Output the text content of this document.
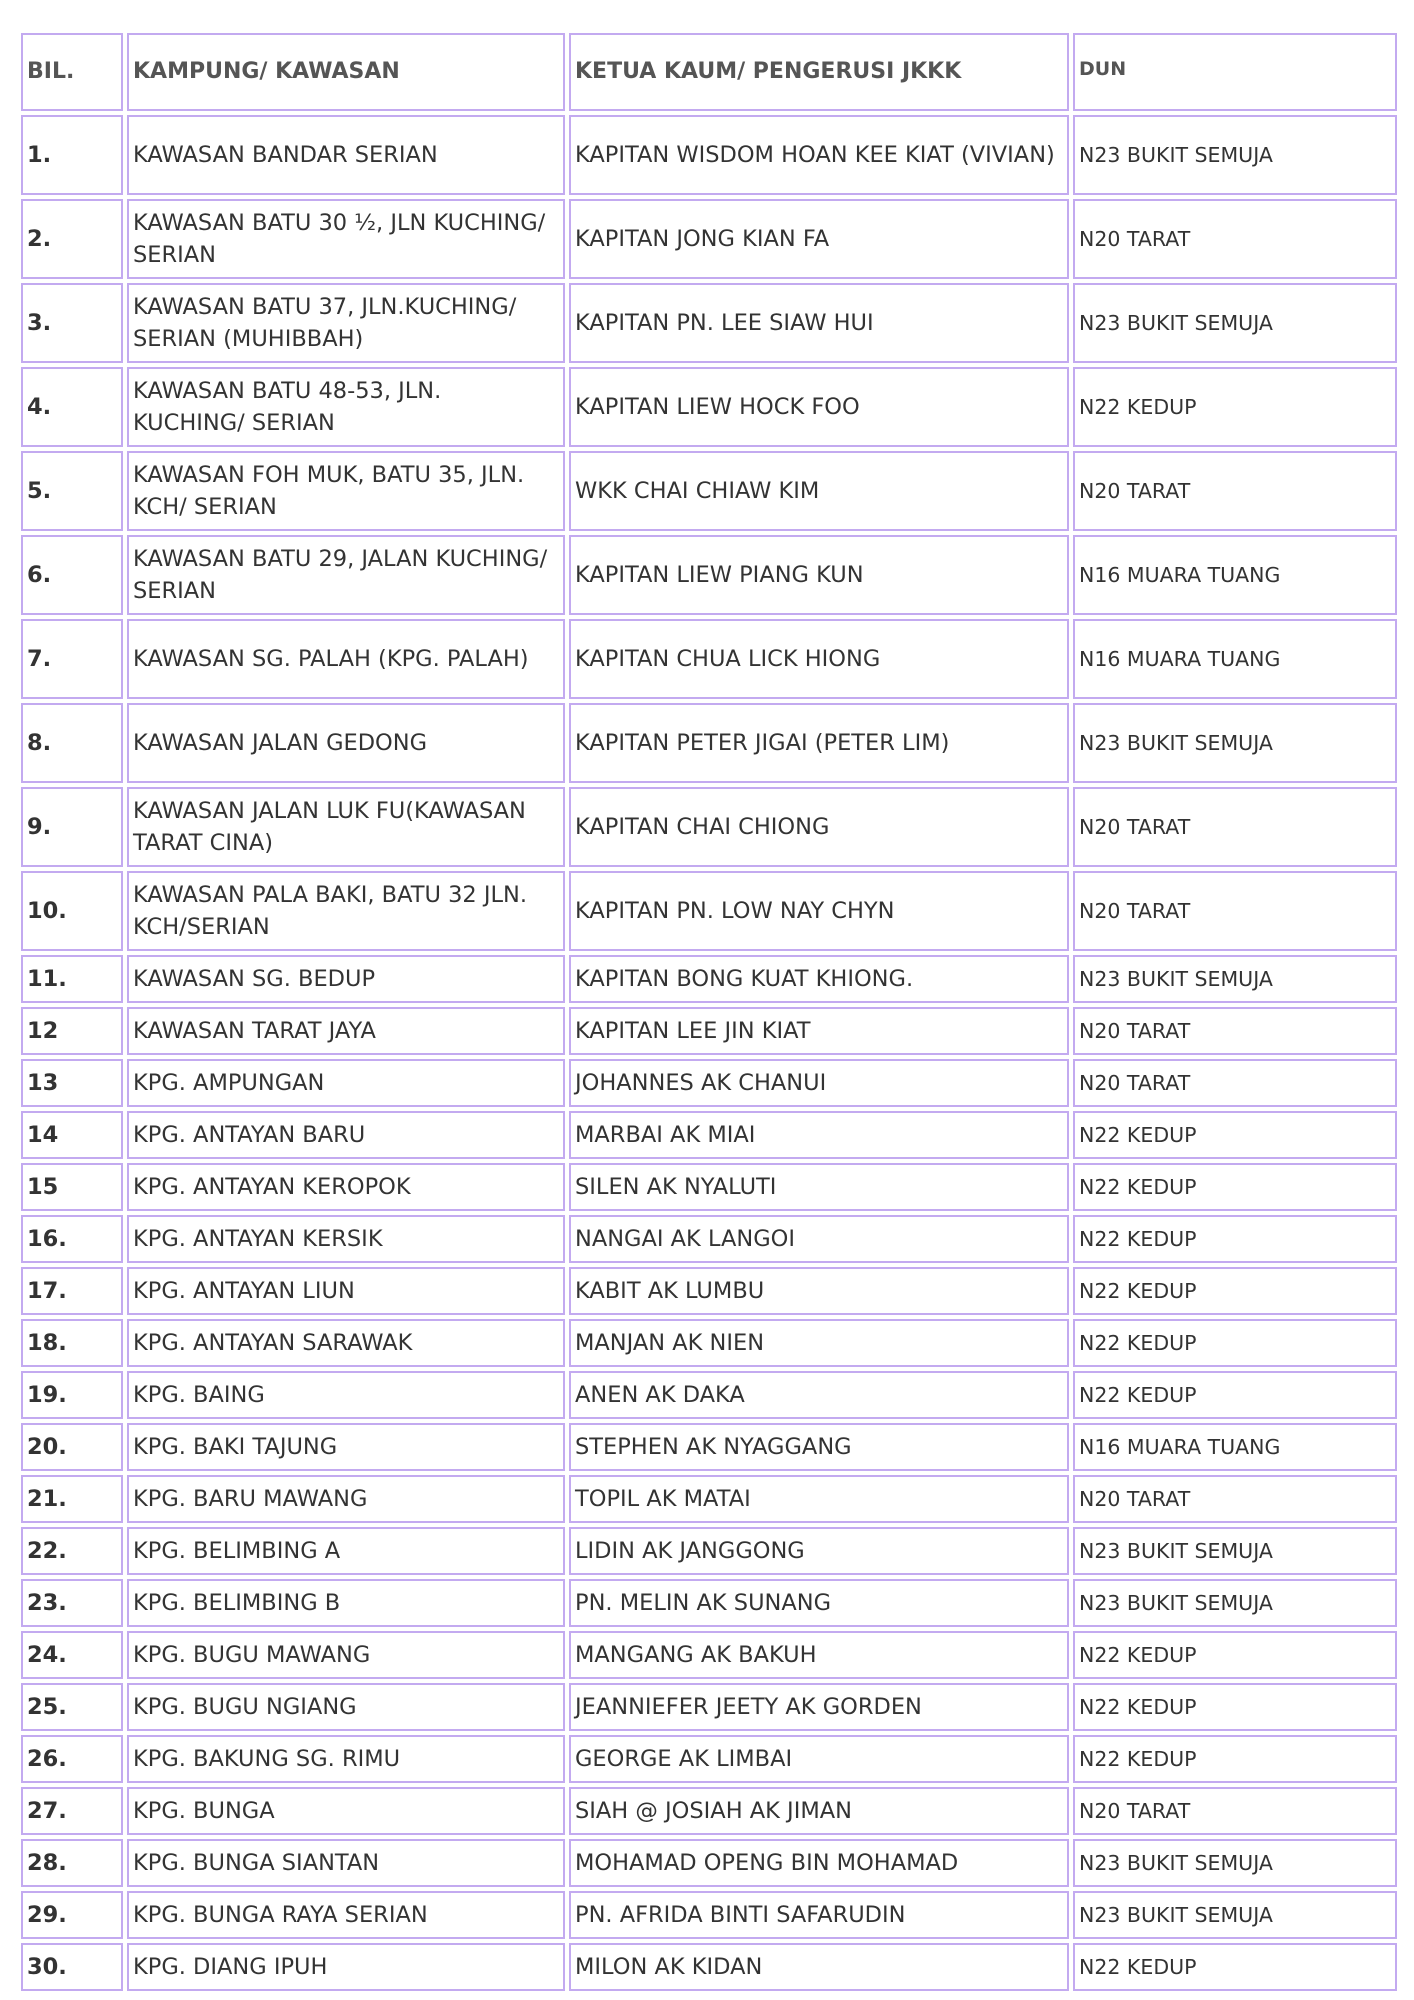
BIL.	KAMPUNG/ KAWASAN	KETUA KAUM/ PENGERUSI JKKK	DUN
1.	KAWASAN BANDAR SERIAN	KAPITAN WISDOM HOAN KEE KIAT (VIVIAN)	N23 BUKIT SEMUJA
2.	KAWASAN BATU 30 ½, JLN KUCHING/ SERIAN	KAPITAN JONG KIAN FA	N20 TARAT
3.	KAWASAN BATU 37, JLN.KUCHING/ SERIAN (MUHIBBAH)	KAPITAN PN. LEE SIAW HUI	N23 BUKIT SEMUJA
4.	KAWASAN BATU 48-53, JLN. KUCHING/ SERIAN	KAPITAN LIEW HOCK FOO	N22 KEDUP
5.	KAWASAN FOH MUK, BATU 35, JLN. KCH/ SERIAN	WKK CHAI CHIAW KIM	N20 TARAT
6.	KAWASAN BATU 29, JALAN KUCHING/ SERIAN	KAPITAN LIEW PIANG KUN	N16 MUARA TUANG
7.	KAWASAN SG. PALAH (KPG. PALAH)	KAPITAN CHUA LICK HIONG	N16 MUARA TUANG
8.	KAWASAN JALAN GEDONG	KAPITAN PETER JIGAI (PETER LIM)	N23 BUKIT SEMUJA
9.	KAWASAN JALAN LUK FU(KAWASAN TARAT CINA)	KAPITAN CHAI CHIONG	N20 TARAT
10.	KAWASAN PALA BAKI, BATU 32 JLN. KCH/SERIAN	KAPITAN PN. LOW NAY CHYN	N20 TARAT
11.	KAWASAN SG. BEDUP	KAPITAN BONG KUAT KHIONG.	N23 BUKIT SEMUJA
12	KAWASAN TARAT JAYA	KAPITAN LEE JIN KIAT	N20 TARAT
13	KPG. AMPUNGAN	JOHANNES AK CHANUI	N20 TARAT
14	KPG. ANTAYAN BARU	MARBAI AK MIAI	N22 KEDUP
15	KPG. ANTAYAN KEROPOK	SILEN AK NYALUTI	N22 KEDUP
16.	KPG. ANTAYAN KERSIK	NANGAI AK LANGOI	N22 KEDUP
17.	KPG. ANTAYAN LIUN	KABIT AK LUMBU	N22 KEDUP
18.	KPG. ANTAYAN SARAWAK	MANJAN AK NIEN	N22 KEDUP
19.	KPG. BAING	ANEN AK DAKA	N22 KEDUP
20.	KPG. BAKI TAJUNG	STEPHEN AK NYAGGANG	N16 MUARA TUANG
21.	KPG. BARU MAWANG	TOPIL AK MATAI	N20 TARAT
22.	KPG. BELIMBING A	LIDIN AK JANGGONG	N23 BUKIT SEMUJA
23.	KPG. BELIMBING B	PN. MELIN AK SUNANG	N23 BUKIT SEMUJA
24.	KPG. BUGU MAWANG	MANGANG AK BAKUH	N22 KEDUP
25.	KPG. BUGU NGIANG	JEANNIEFER JEETY AK GORDEN	N22 KEDUP
26.	KPG. BAKUNG SG. RIMU	GEORGE AK LIMBAI	N22 KEDUP
27.	KPG. BUNGA	SIAH @ JOSIAH AK JIMAN	N20 TARAT
28.	KPG. BUNGA SIANTAN	MOHAMAD OPENG BIN MOHAMAD	N23 BUKIT SEMUJA
29.	KPG. BUNGA RAYA SERIAN	PN. AFRIDA BINTI SAFARUDIN	N23 BUKIT SEMUJA
30.	KPG. DIANG IPUH	MILON AK KIDAN	N22 KEDUP
